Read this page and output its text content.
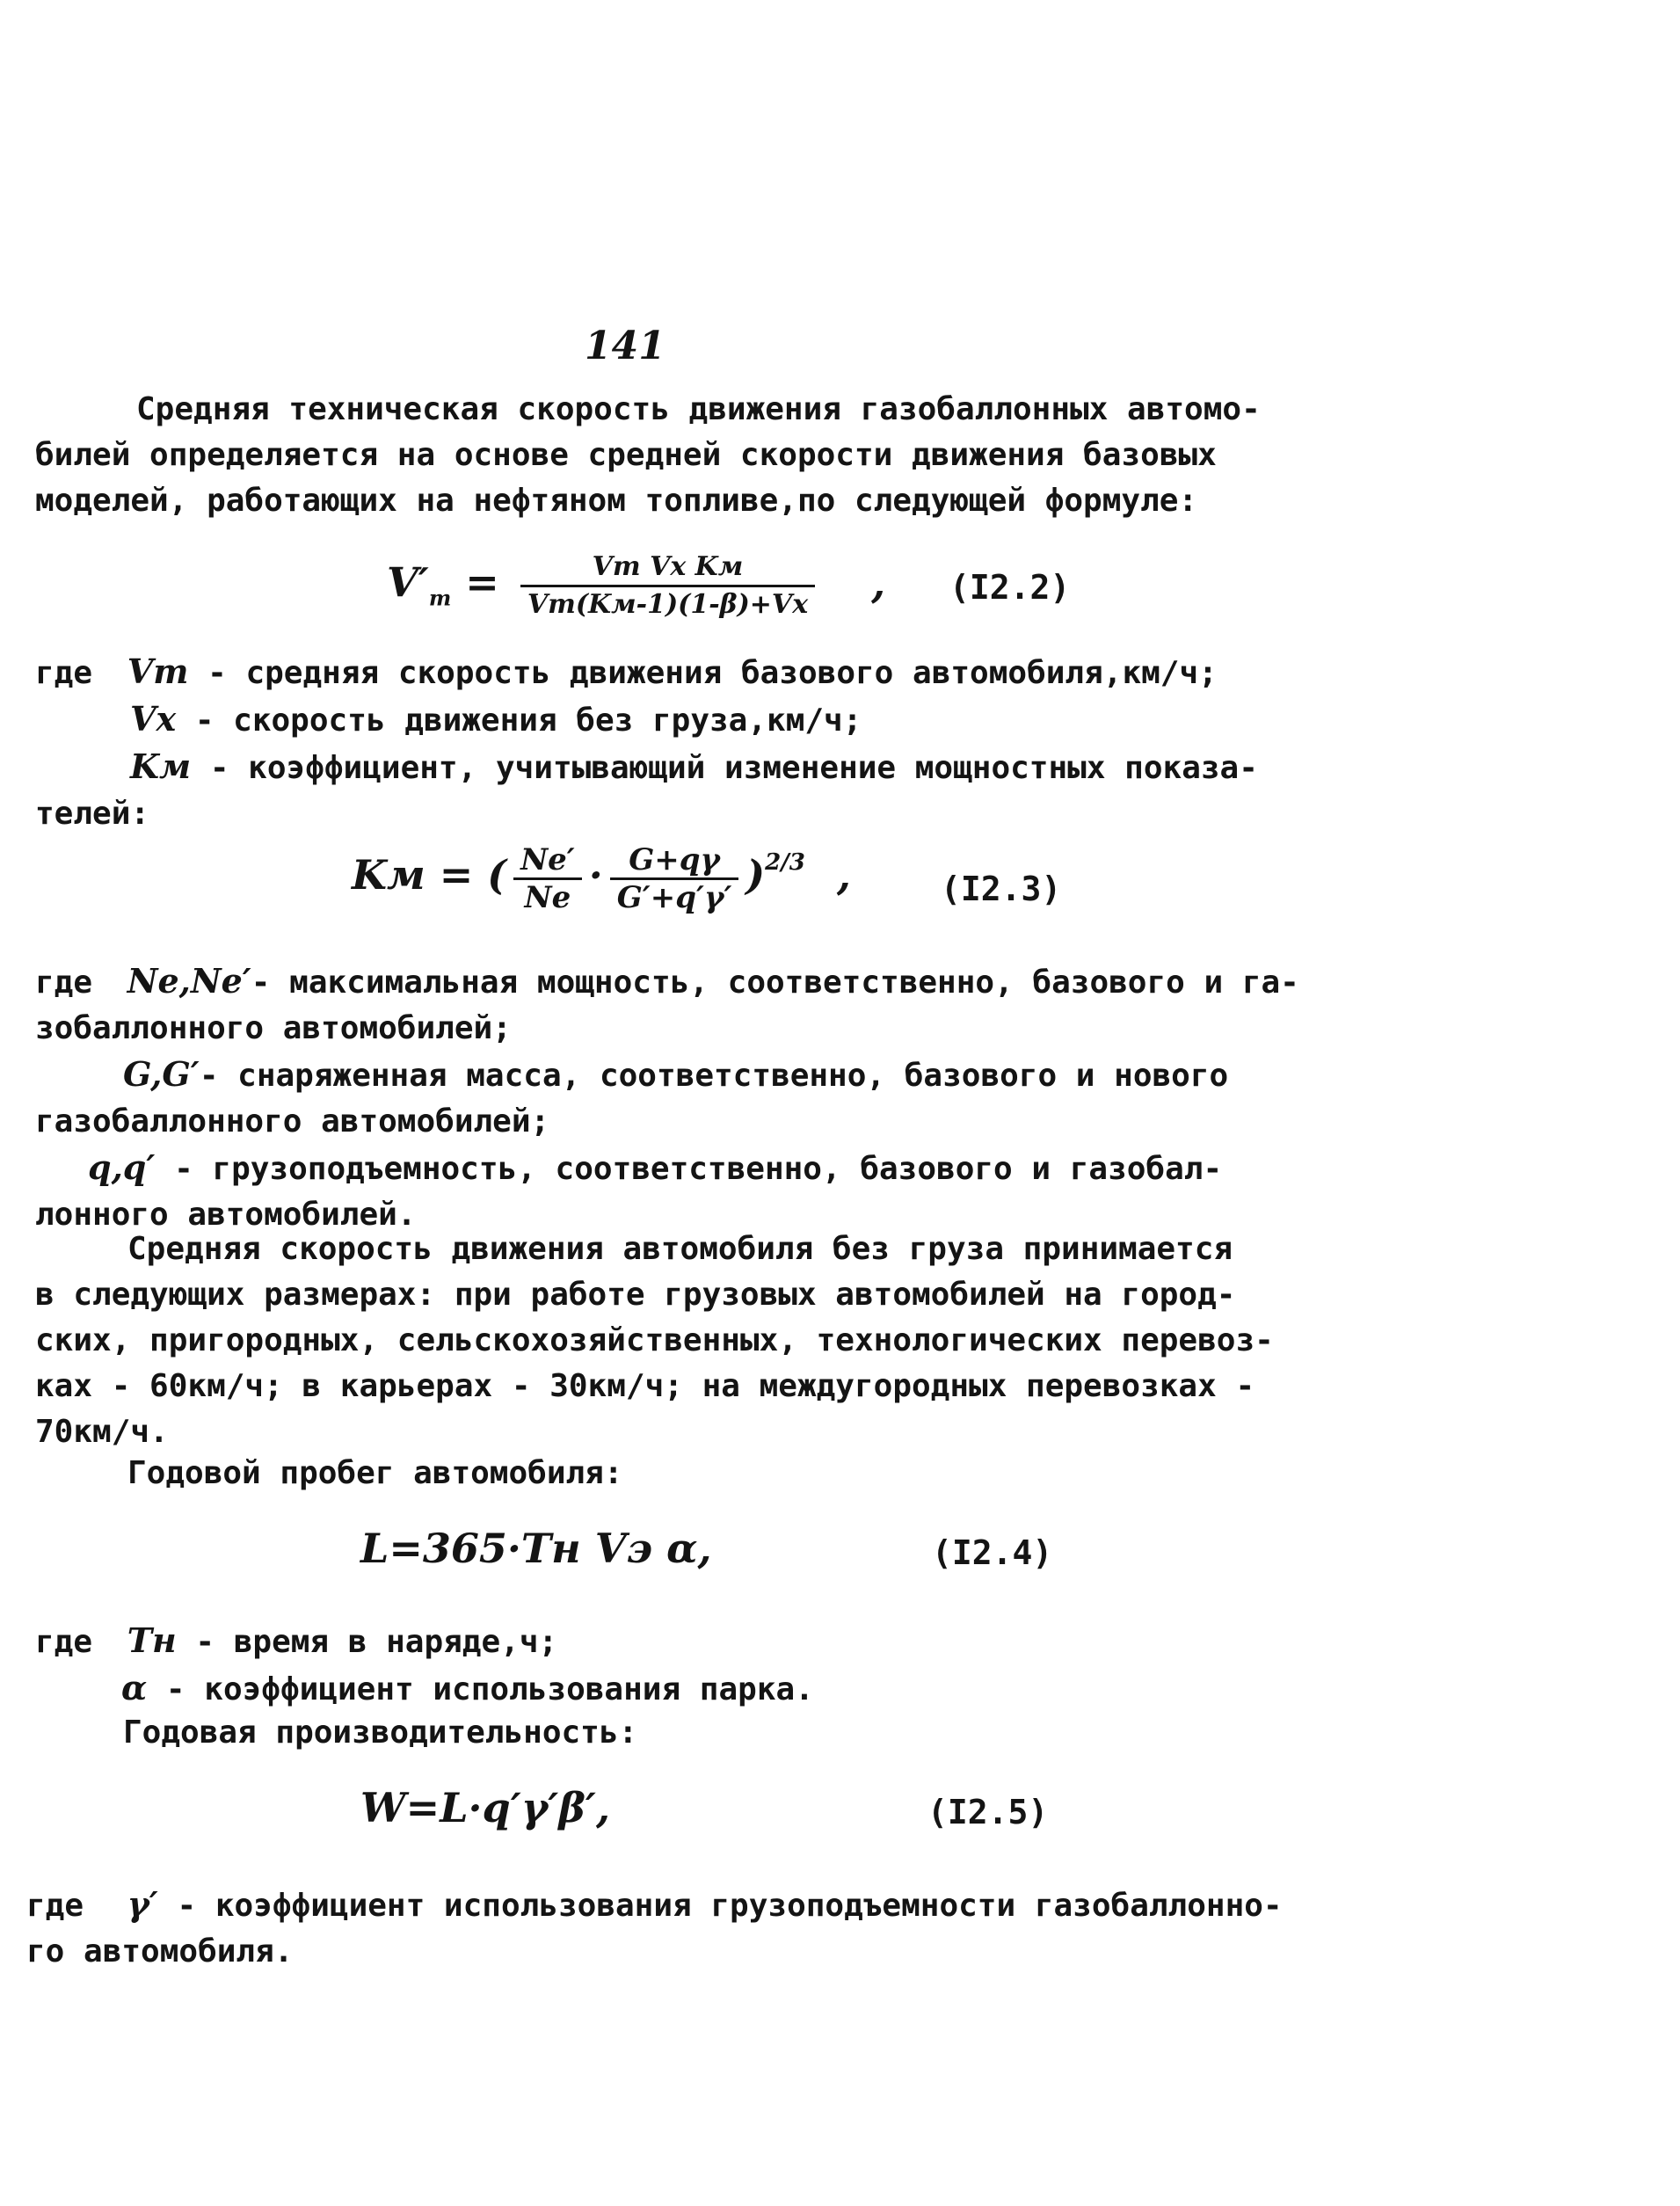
141
Средняя техническая скорость движения газобаллонных автомо-
билей определяется на основе средней скорости движения базовых
моделей, работающих на нефтяном топливе,по следующей формуле:
$V'_т = \frac{\text{Vт Vх Kм}}{Vт(Kм-1)(1-\beta)+Vх}$ , (I2.2)
где Vт - средняя скорость движения базового автомобиля,км/ч;
Vх - скорость движения без груза,км/ч;
Kм - коэффициент, учитывающий изменение мощностных показа-
телей:
Kм = ( $\frac{Ne'}{Ne} \cdot \frac{G+q\gamma}{G'+q'\gamma'} )^{2/3}$ ,	(I2.3)
где Ne,Ne′- максимальная мощность, соответственно, базового и га-
зобаллонного автомобилей;
G,G′- снаряженная масса, соответственно, базового и нового
газобаллонного автомобилей;
q,q′ - грузоподъемность, соответственно, базового и газобал-
лонного автомобилей.
Средняя скорость движения автомобиля без груза принимается
в следующих размерах: при работе грузовых автомобилей на город-
ских, пригородных, сельскохозяйственных, технологических перевоз-
ках - 60км/ч; в карьерах - 30км/ч; на междугородных перевозках -
70км/ч.
Годовой пробег автомобиля:
L=365·Tн Vэ α,	(I2.4)
где Tн - время в наряде,ч;
α - коэффициент использования парка.
Годовая производительность:
W=L·q′γ′β′,	(I2.5)
где γ′ - коэффициент использования грузоподъемности газобаллонно-
го автомобиля.
